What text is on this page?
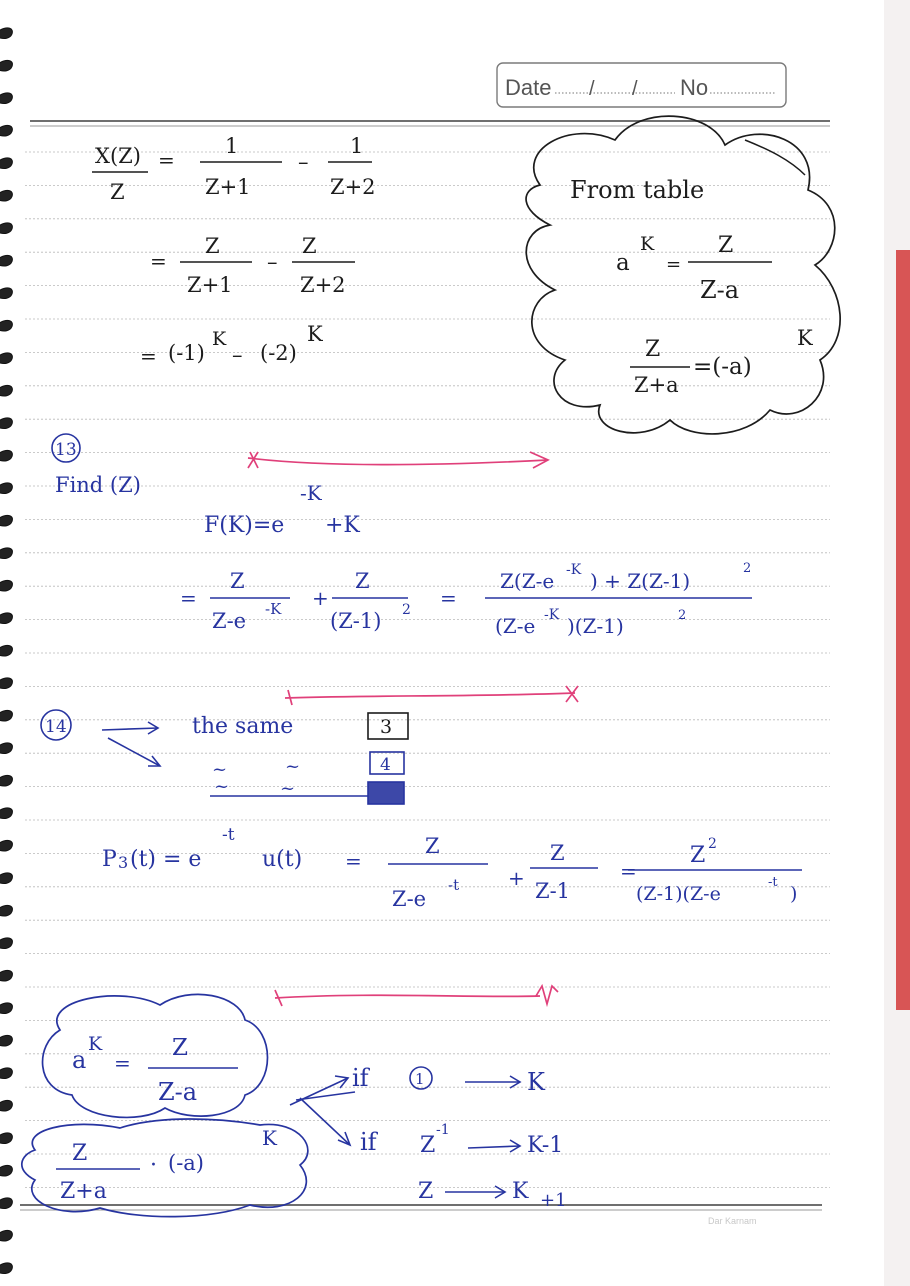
Date / / No
Dar Karnam
X(Z)
Z
=
1
Z+1
–
1
Z+2
=
Z
Z+1
–
Z
Z+2
= (-1)
K
– (-2)
K
From table
a
K
=
Z
Z-a
Z
Z+a
=(-a)
K
13
Find (Z)
F(K)=e
-K
+K
=
Z
Z-e -K +
Z
(Z-1) 2 =
Z(Z-e -K ) + Z(Z-1)
2
(Z-e -K )(Z-1)	2
14	the same	3
~	~	4
~	~
P 3 (t) = e
-t
u(t) =
Z
Z-e
-t +
Z
Z-1
=
Z 2
(Z-1)(Z-e
-t
)
a
K
=
Z
Z-a
Z
Z+a
· (-a)
K
if	1	K
if Z
-1
K-1
Z	K +1
